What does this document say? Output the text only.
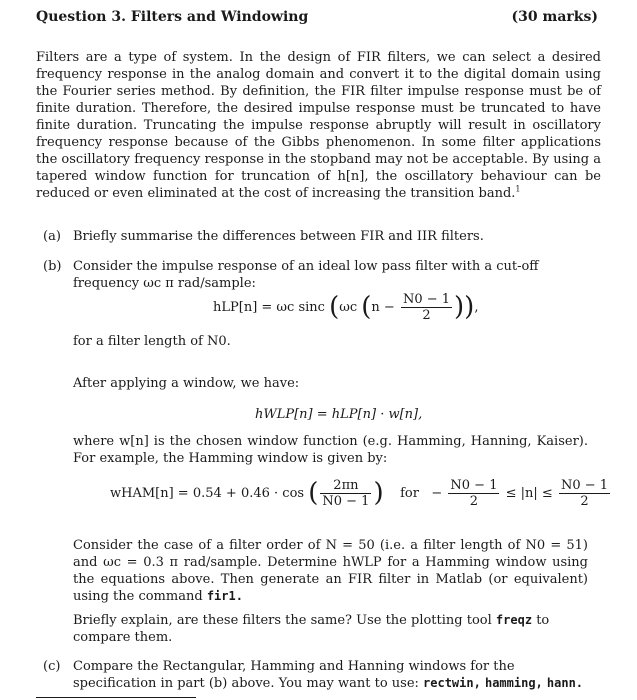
Question 3. Filters and Windowing	(30 marks)
Filters are a type of system. In the design of FIR filters, we can select a desired frequency response in the analog domain and convert it to the digital domain using the Fourier series method. By definition, the FIR filter impulse response must be of finite duration. Therefore, the desired impulse response must be truncated to have finite duration. Truncating the impulse response abruptly will result in oscillatory frequency response because of the Gibbs phenomenon. In some filter applications the oscillatory frequency response in the stopband may not be acceptable. By using a tapered window function for truncation of h[n], the oscillatory behaviour can be reduced or even eliminated at the cost of increasing the transition band.$^1$
(a) Briefly summarise the differences between FIR and IIR filters.
(b) Consider the impulse response of an ideal low pass filter with a cut-off frequency ωc π rad/sample:
hLP[n] = ωc sinc (ωc ($n - \frac{N0 - 1}{2}$ )),
for a filter length of N0.
After applying a window, we have:
hWLP[n] = hLP[n] · w[n],
where w[n] is the chosen window function (e.g. Hamming, Hanning, Kaiser). For example, the Hamming window is given by:
wHAM[n] = 0.54 + 0.46 · cos ( $\frac{2\pi n}{N0 - 1}$ ) for   − $\frac{N0 - 1}{2} \le |n| \le \frac{N0 - 1}{2}$
Consider the case of a filter order of N = 50 (i.e. a filter length of N0 = 51) and ωc = 0.3 π rad/sample. Determine hWLP for a Hamming window using the equations above. Then generate an FIR filter in Matlab (or equivalent) using the command fir1.
Briefly explain, are these filters the same? Use the plotting tool freqz to compare them.
(c) Compare the Rectangular, Hamming and Hanning windows for the specification in part (b) above. You may want to use: rectwin, hamming, hann.
